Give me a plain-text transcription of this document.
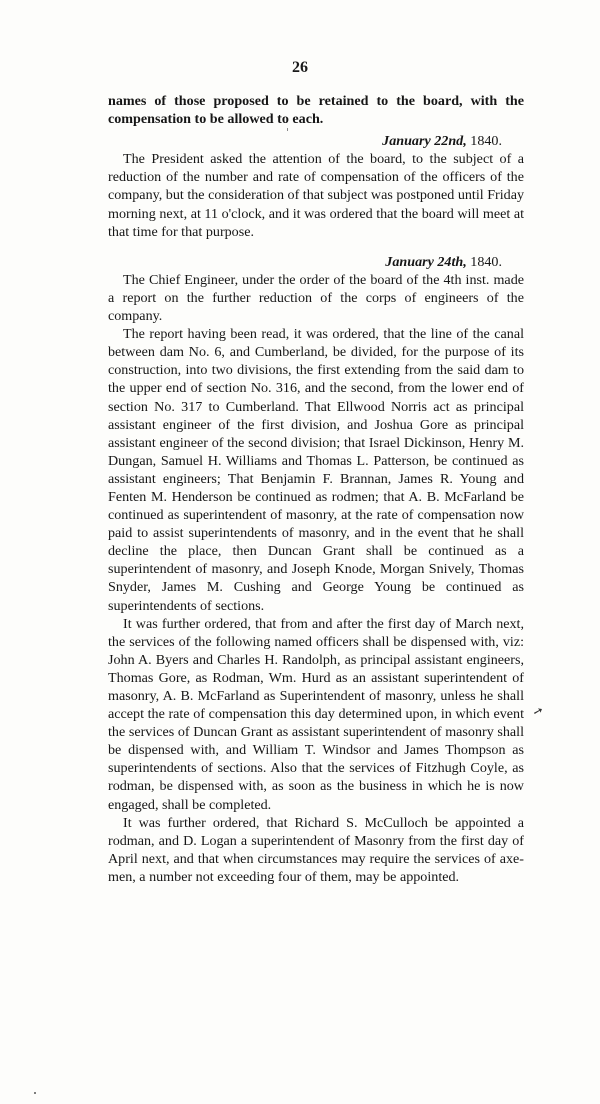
26

names of those proposed to be retained to the board, with the compensation to be allowed to each.

January 22nd, 1840.

The President asked the attention of the board, to the subject of a reduction of the number and rate of compensation of the officers of the company, but the consideration of that subject was postponed until Friday morning next, at 11 o'clock, and it was ordered that the board will meet at that time for that purpose.

January 24th, 1840.

The Chief Engineer, under the order of the board of the 4th inst. made a report on the further reduction of the corps of engineers of the company.

The report having been read, it was ordered, that the line of the canal between dam No. 6, and Cumberland, be divided, for the purpose of its construction, into two divisions, the first extending from the said dam to the upper end of section No. 316, and the second, from the lower end of section No. 317 to Cumberland. That Ellwood Norris act as principal assistant engineer of the first division, and Joshua Gore as principal assistant engineer of the second division; that Israel Dickinson, Henry M. Dungan, Samuel H. Williams and Thomas L. Patterson, be continued as assistant engineers; That Benjamin F. Brannan, James R. Young and Fenten M. Henderson be continued as rodmen; that A. B. McFarland be continued as superintendent of masonry, at the rate of compensation now paid to assist superintendents of masonry, and in the event that he shall decline the place, then Duncan Grant shall be continued as a superintendent of masonry, and Joseph Knode, Morgan Snively, Thomas Snyder, James M. Cushing and George Young be continued as superintendents of sections.

It was further ordered, that from and after the first day of March next, the services of the following named officers shall be dispensed with, viz: John A. Byers and Charles H. Randolph, as principal assistant engineers, Thomas Gore, as Rodman, Wm. Hurd as an assistant superintendent of masonry, A. B. McFarland as Superintendent of masonry, unless he shall accept the rate of compensation this day determined upon, in which event the services of Duncan Grant as assistant superintendent of masonry shall be dispensed with, and William T. Windsor and James Thompson as superintendents of sections. Also that the services of Fitzhugh Coyle, as rodman, be dispensed with, as soon as the business in which he is now engaged, shall be completed.

It was further ordered, that Richard S. McCulloch be appointed a rodman, and D. Logan a superintendent of Masonry from the first day of April next, and that when circumstances may require the services of axe-men, a number not exceeding four of them, may be appointed.

➙
